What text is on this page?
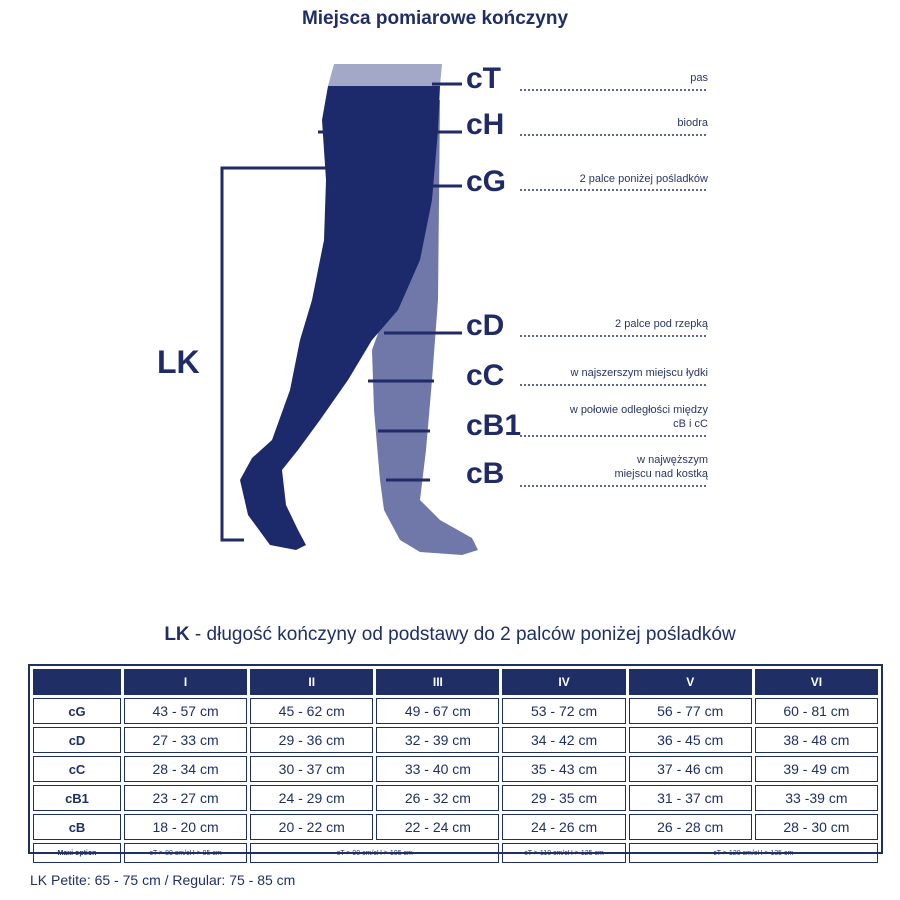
Miejsca pomiarowe kończyny
cT
cH
cG
cD
cC
cB1
cB
pas
biodra
2 palce poniżej pośladków
2 palce pod rzepką
w najszerszym miejscu łydki
w połowie odległości między
cB i cC
w najwęższym
miejscu nad kostką
LK
LK - długość kończyny od podstawy do 2 palców poniżej pośladków
	I	II	III	IV	V	VI
cG	43 - 57 cm	45 - 62 cm	49 - 67 cm	53 - 72 cm	56 - 77 cm	60 - 81 cm
cD	27 - 33 cm	29 - 36 cm	32 - 39 cm	34 - 42 cm	36 - 45 cm	38 - 48 cm
cC	28 - 34 cm	30 - 37 cm	33 - 40 cm	35 - 43 cm	37 - 46 cm	39 - 49 cm
cB1	23 - 27 cm	24 - 29 cm	26 - 32 cm	29 - 35 cm	31 - 37 cm	33 -39 cm
cB	18 - 20 cm	20 - 22 cm	22 - 24 cm	24 - 26 cm	26 - 28 cm	28 - 30 cm
Maxi option	cT > 80 cm/cH > 95 cm	cT > 90 cm/cH > 105 cm		cT > 110 cm/cH > 125 cm	cT > 120 cm/cH > 135 cm	
LK Petite: 65 - 75 cm / Regular: 75 - 85 cm
